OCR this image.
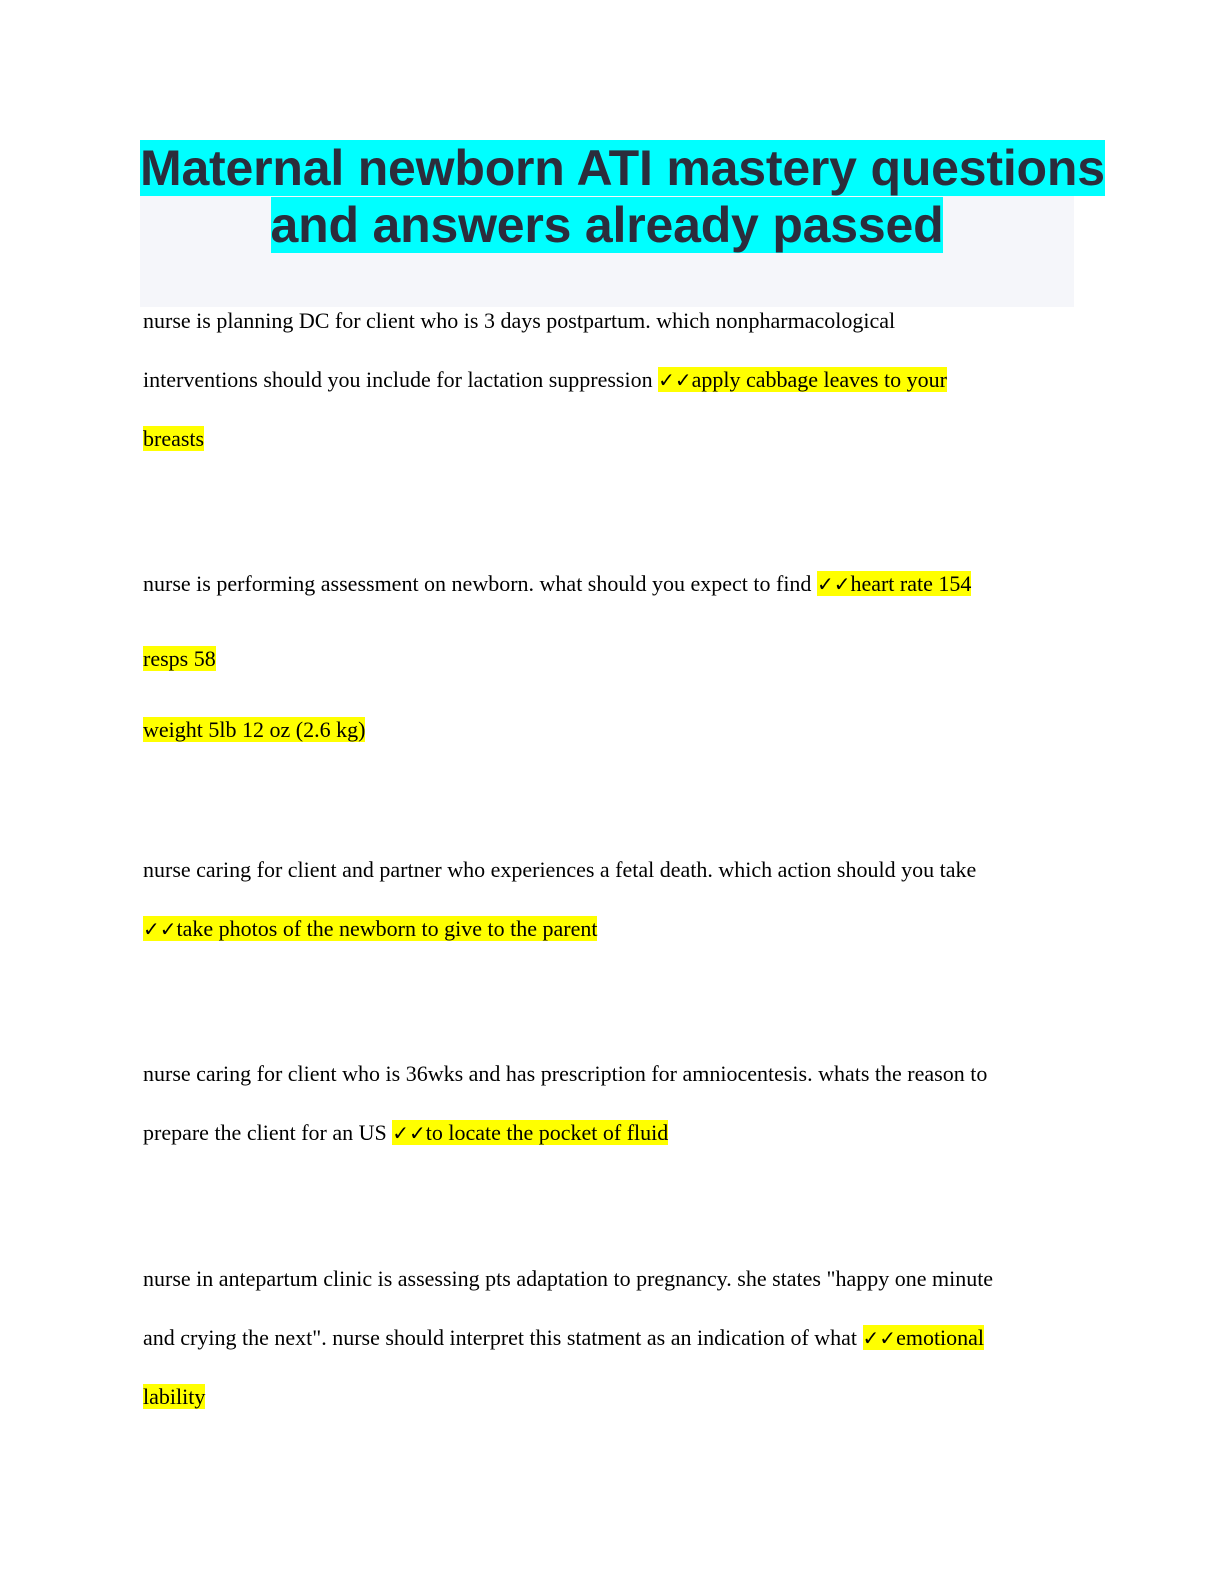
Maternal newborn ATI mastery questions
and answers already passed
nurse is planning DC for client who is 3 days postpartum. which nonpharmacological
interventions should you include for lactation suppression ✓✓apply cabbage leaves to your
breasts
nurse is performing assessment on newborn. what should you expect to find ✓✓heart rate 154
resps 58
weight 5lb 12 oz (2.6 kg)
nurse caring for client and partner who experiences a fetal death. which action should you take
✓✓take photos of the newborn to give to the parent
nurse caring for client who is 36wks and has prescription for amniocentesis. whats the reason to
prepare the client for an US ✓✓to locate the pocket of fluid
nurse in antepartum clinic is assessing pts adaptation to pregnancy. she states "happy one minute
and crying the next". nurse should interpret this statment as an indication of what ✓✓emotional
lability
